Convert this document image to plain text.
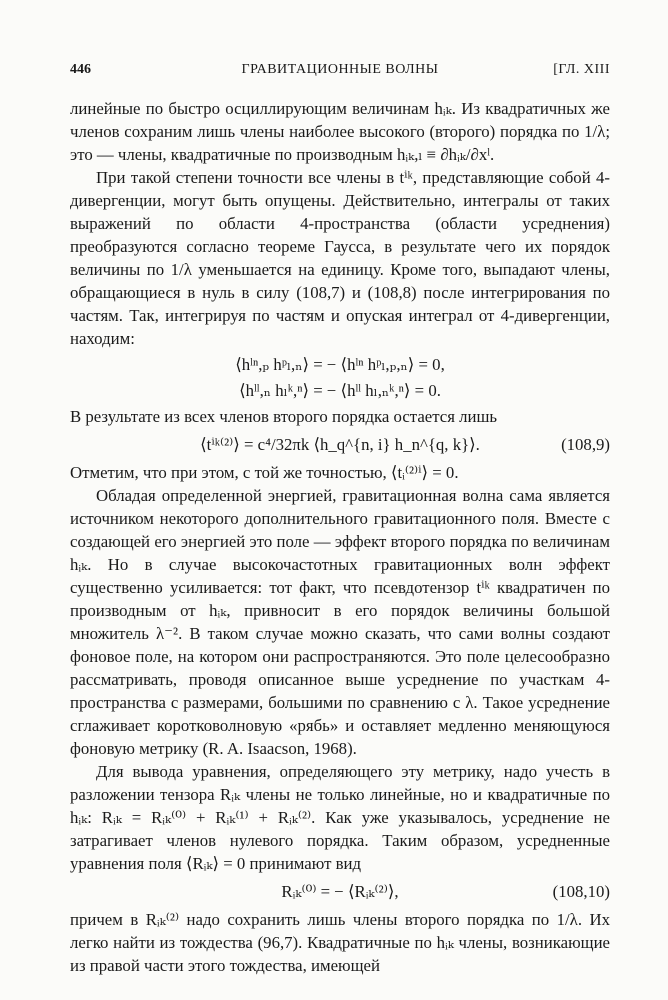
446	ГРАВИТАЦИОННЫЕ ВОЛНЫ	[ГЛ. XIII

линейные по быстро осциллирующим величинам hᵢₖ. Из квадратичных же членов сохраним лишь члены наиболее высокого (второго) порядка по 1/λ; это — члены, квадратичные по производным hᵢₖ,ₗ ≡ ∂hᵢₖ/∂xˡ.

При такой степени точности все члены в tⁱᵏ, представляющие собой 4-дивергенции, могут быть опущены. Действительно, интегралы от таких выражений по области 4-пространства (области усреднения) преобразуются согласно теореме Гаусса, в результате чего их порядок величины по 1/λ уменьшается на единицу. Кроме того, выпадают члены, обращающиеся в нуль в силу (108,7) и (108,8) после интегрирования по частям. Так, интегрируя по частям и опуская интеграл от 4-дивергенции, находим:

⟨hˡⁿ,ₚ hᵖₗ,ₙ⟩ = − ⟨hˡⁿ hᵖₗ,ₚ,ₙ⟩ = 0,
⟨hˡˡ,ₙ hₗᵏ,ⁿ⟩ = − ⟨hˡˡ hₗ,ₙᵏ,ⁿ⟩ = 0.

В результате из всех членов второго порядка остается лишь

⟨tⁱᵏ⁽²⁾⟩ = c⁴/32πk ⟨h_q^{n, i} h_n^{q, k}⟩.	(108,9)

Отметим, что при этом, с той же точностью, ⟨tᵢ⁽²⁾ⁱ⟩ = 0.

Обладая определенной энергией, гравитационная волна сама является источником некоторого дополнительного гравитационного поля. Вместе с создающей его энергией это поле — эффект второго порядка по величинам hᵢₖ. Но в случае высокочастотных гравитационных волн эффект существенно усиливается: тот факт, что псевдотензор tⁱᵏ квадратичен по производным от hᵢₖ, привносит в его порядок величины большой множитель λ⁻². В таком случае можно сказать, что сами волны создают фоновое поле, на котором они распространяются. Это поле целесообразно рассматривать, проводя описанное выше усреднение по участкам 4-пространства с размерами, большими по сравнению с λ. Такое усреднение сглаживает коротковолновую «рябь» и оставляет медленно меняющуюся фоновую метрику (R. A. Isaacson, 1968).

Для вывода уравнения, определяющего эту метрику, надо учесть в разложении тензора Rᵢₖ члены не только линейные, но и квадратичные по hᵢₖ: Rᵢₖ = Rᵢₖ⁽⁰⁾ + Rᵢₖ⁽¹⁾ + Rᵢₖ⁽²⁾. Как уже указывалось, усреднение не затрагивает членов нулевого порядка. Таким образом, усредненные уравнения поля ⟨Rᵢₖ⟩ = 0 принимают вид

Rᵢₖ⁽⁰⁾ = − ⟨Rᵢₖ⁽²⁾⟩,	(108,10)

причем в Rᵢₖ⁽²⁾ надо сохранить лишь члены второго порядка по 1/λ. Их легко найти из тождества (96,7). Квадратичные по hᵢₖ члены, возникающие из правой части этого тождества, имеющей
